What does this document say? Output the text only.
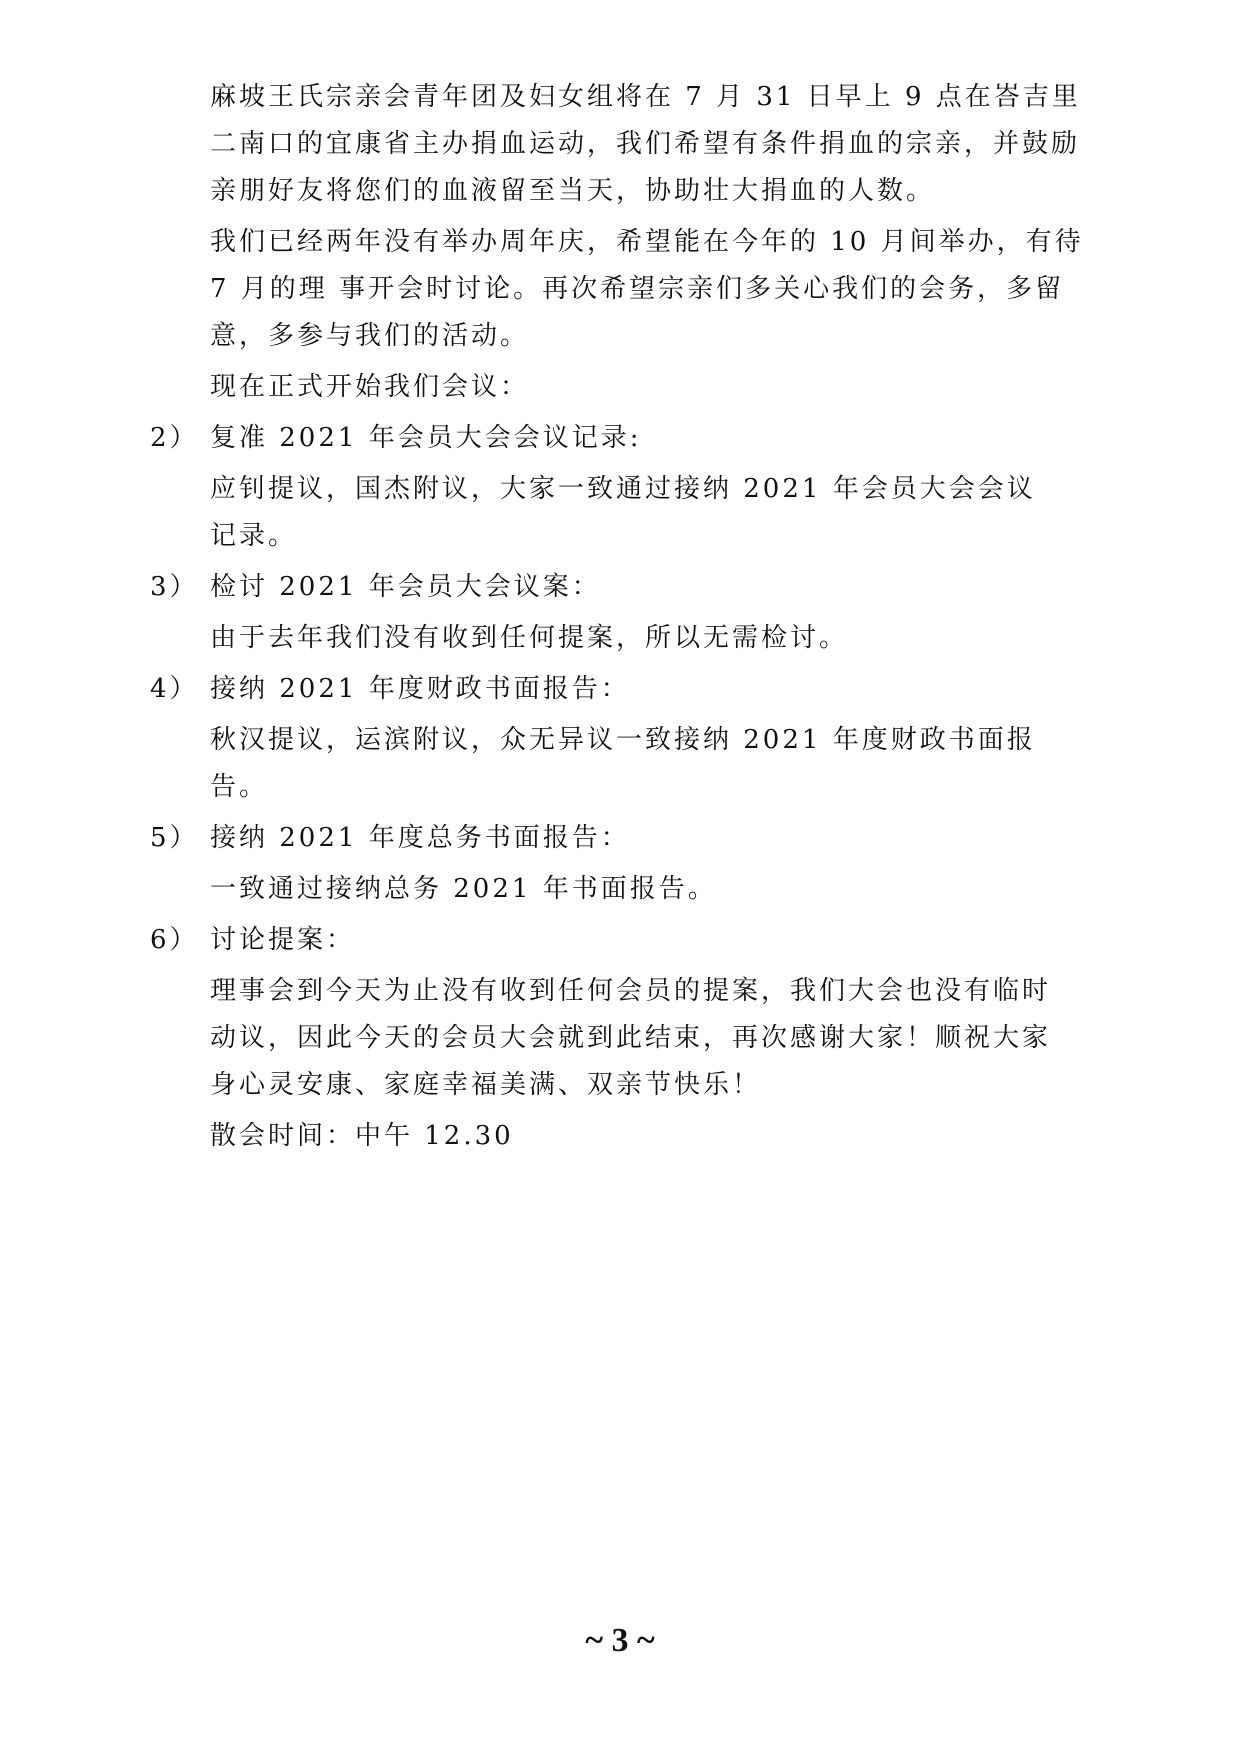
麻坡王氏宗亲会青年团及妇女组将在 7 月 31 日早上 9 点在峇吉里二南口的宜康省主办捐血运动，我们希望有条件捐血的宗亲，并鼓励亲朋好友将您们的血液留至当天，协助壮大捐血的人数。

我们已经两年没有举办周年庆，希望能在今年的 10 月间举办，有待 7 月的理 事开会时讨论。再次希望宗亲们多关心我们的会务，多留意，多参与我们的活动。

现在正式开始我们会议：

2） 复准 2021 年会员大会会议记录:

应钊提议，国杰附议，大家一致通过接纳 2021 年会员大会会议记录。

3） 检讨 2021 年会员大会议案：

由于去年我们没有收到任何提案，所以无需检讨。

4） 接纳 2021 年度财政书面报告：

秋汉提议，运滨附议，众无异议一致接纳 2021 年度财政书面报告。

5） 接纳 2021 年度总务书面报告：

一致通过接纳总务 2021 年书面报告。

6） 讨论提案：

理事会到今天为止没有收到任何会员的提案，我们大会也没有临时动议，因此今天的会员大会就到此结束，再次感谢大家！顺祝大家身心灵安康、家庭幸福美满、双亲节快乐！

散会时间：中午 12.30

~ 3 ~
